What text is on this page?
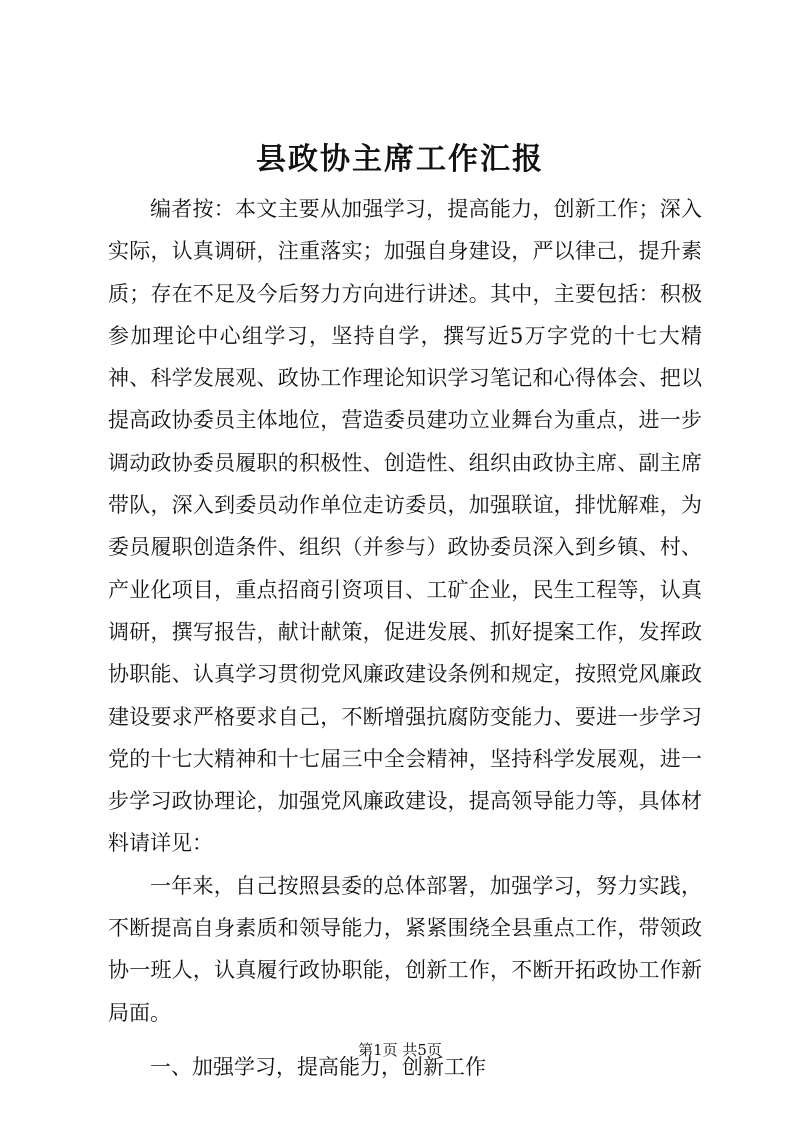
县政协主席工作汇报

编者按：本文主要从加强学习，提高能力，创新工作；深入实际，认真调研，注重落实；加强自身建设，严以律己，提升素质；存在不足及今后努力方向进行讲述。其中，主要包括：积极参加理论中心组学习，坚持自学，撰写近5万字党的十七大精神、科学发展观、政协工作理论知识学习笔记和心得体会、把以提高政协委员主体地位，营造委员建功立业舞台为重点，进一步调动政协委员履职的积极性、创造性、组织由政协主席、副主席带队，深入到委员动作单位走访委员，加强联谊，排忧解难，为委员履职创造条件、组织（并参与）政协委员深入到乡镇、村、产业化项目，重点招商引资项目、工矿企业，民生工程等，认真调研，撰写报告，献计献策，促进发展、抓好提案工作，发挥政协职能、认真学习贯彻党风廉政建设条例和规定，按照党风廉政建设要求严格要求自己，不断增强抗腐防变能力、要进一步学习党的十七大精神和十七届三中全会精神，坚持科学发展观，进一步学习政协理论，加强党风廉政建设，提高领导能力等，具体材料请详见：

一年来，自己按照县委的总体部署，加强学习，努力实践，不断提高自身素质和领导能力，紧紧围绕全县重点工作，带领政协一班人，认真履行政协职能，创新工作，不断开拓政协工作新局面。

一、加强学习，提高能力，创新工作

第1页 共5页
